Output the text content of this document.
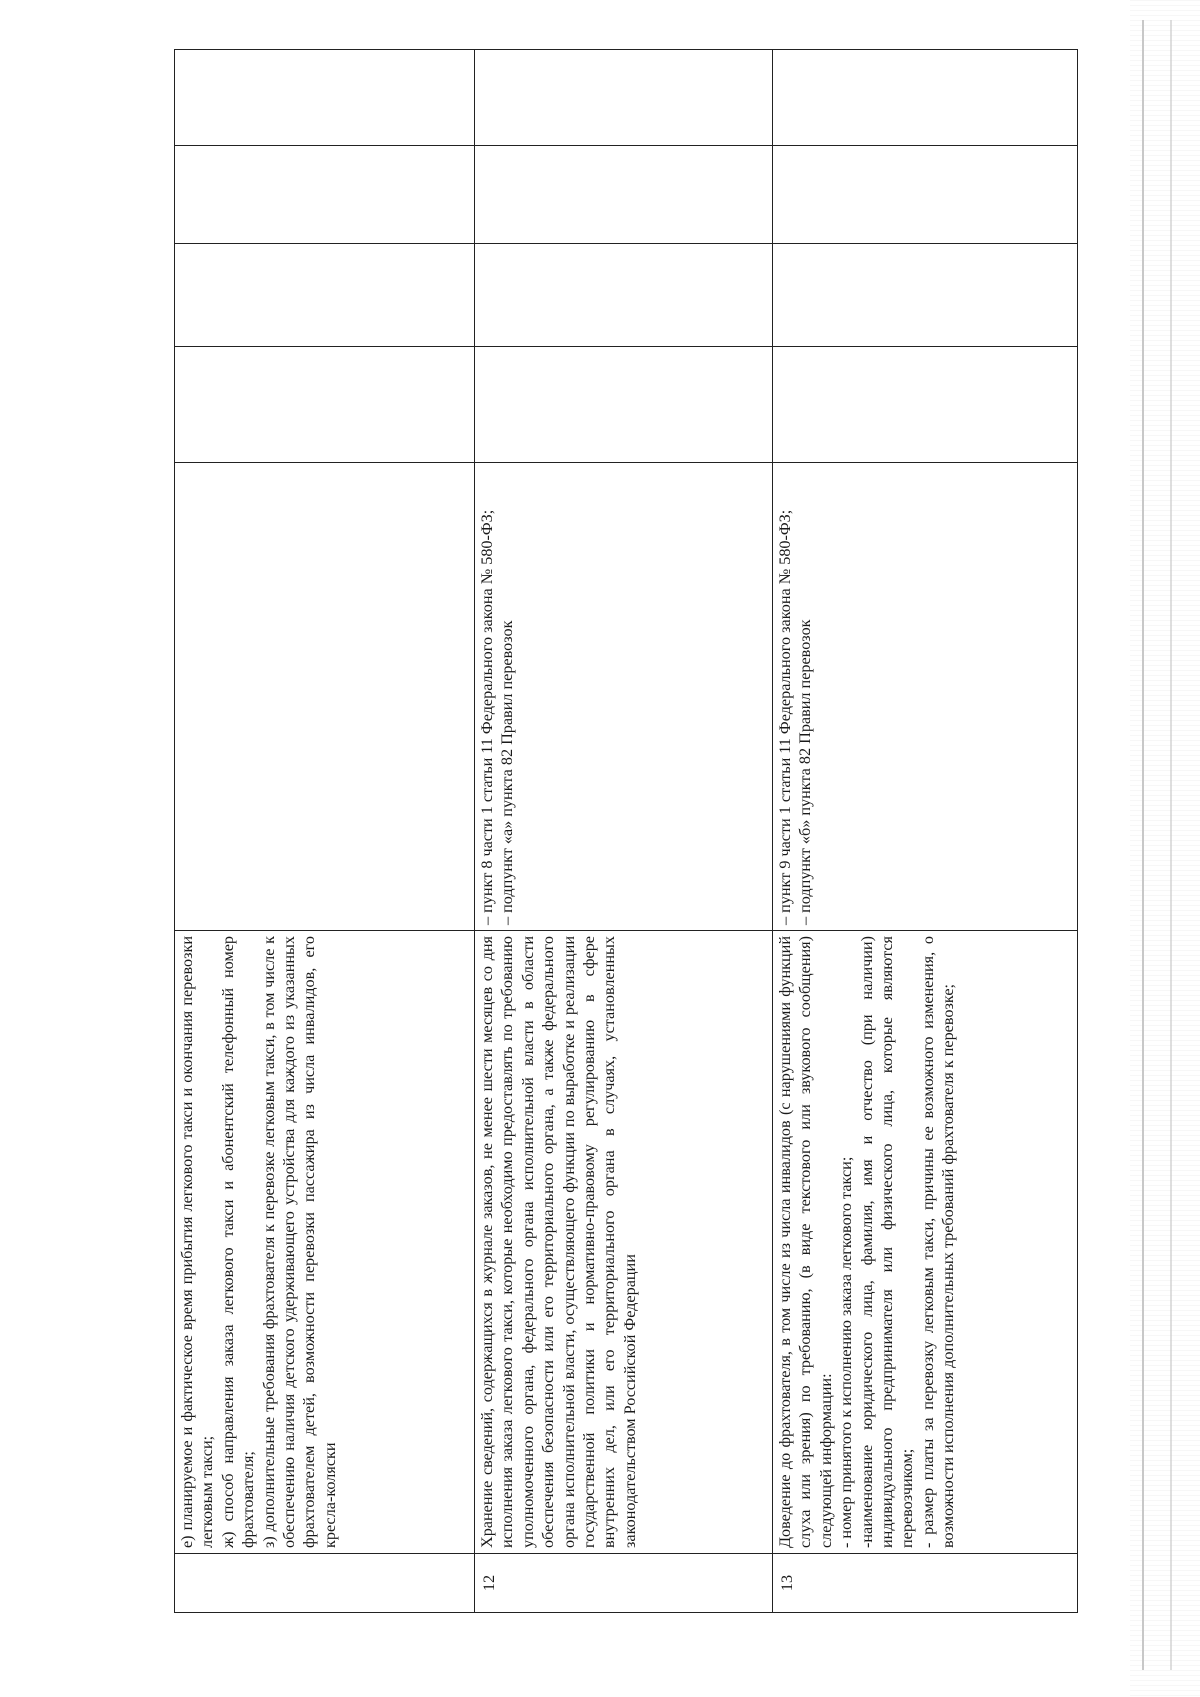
	е) планируемое и фактическое время прибытия легкового такси и окончания перевозки легковым такси; ж) способ направления заказа легкового такси и абонентский телефонный номер фрахтователя; з) дополнительные требования фрахтователя к перевозке легковым такси, в том числе к обеспечению наличия детского удерживающего устройства для каждого из указанных фрахтователем детей, возможности перевозки пассажира из числа инвалидов, его кресла-коляски					

12	Хранение сведений, содержащихся в журнале заказов, не менее шести месяцев со дня исполнения заказа легкового такси, которые необходимо предоставлять по требованию уполномоченного органа, федерального органа исполнительной власти в области обеспечения безопасности или его территориального органа, а также федерального органа исполнительной власти, осуществляющего функции по выработке и реализации государственной политики и нормативно-правовому регулированию в сфере внутренних дел, или его территориального органа в случаях, установленных законодательством Российской Федерации	– пункт 8 части 1 статьи 11 Федерального закона № 580-ФЗ; – подпункт «а» пункта 82 Правил перевозок				

13	Доведение до фрахтователя, в том числе из числа инвалидов (с нарушениями функций слуха или зрения) по требованию, (в виде текстового или звукового сообщения) следующей информации: - номер принятого к исполнению заказа легкового такси; -наименование юридического лица, фамилия, имя и отчество (при наличии) индивидуального предпринимателя или физического лица, которые являются перевозчиком; - размер платы за перевозку легковым такси, причины ее возможного изменения, о возможности исполнения дополнительных требований фрахтователя к перевозке;	– пункт 9 части 1 статьи 11 Федерального закона № 580-ФЗ; – подпункт «б» пункта 82 Правил перевозок				
